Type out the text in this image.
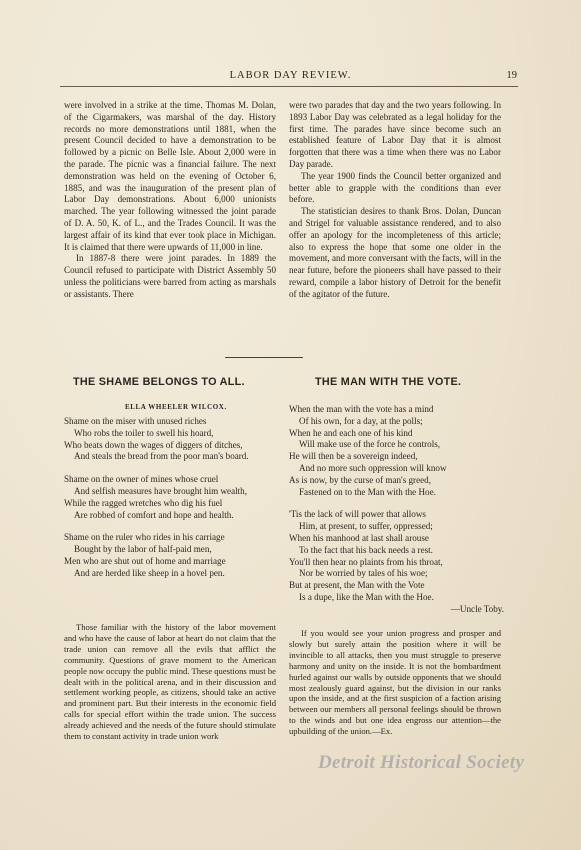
LABOR DAY REVIEW.	19

were involved in a strike at the time. Thomas M. Dolan, of the Cigarmakers, was marshal of the day. History records no more demonstrations until 1881, when the present Council decided to have a demonstration to be followed by a picnic on Belle Isle. About 2,000 were in the parade. The picnic was a financial failure. The next demonstration was held on the evening of October 6, 1885, and was the inauguration of the present plan of Labor Day demonstrations. About 6,000 unionists marched. The year following witnessed the joint parade of D. A. 50, K. of L., and the Trades Council. It was the largest affair of its kind that ever took place in Michigan. It is claimed that there were upwards of 11,000 in line.

In 1887-8 there were joint parades. In 1889 the Council refused to participate with District Assembly 50 unless the politicians were barred from acting as marshals or assistants. There

were two parades that day and the two years following. In 1893 Labor Day was celebrated as a legal holiday for the first time. The parades have since become such an established feature of Labor Day that it is almost forgotten that there was a time when there was no Labor Day parade.

The year 1900 finds the Council better organized and better able to grapple with the conditions than ever before.

The statistician desires to thank Bros. Dolan, Duncan and Strigel for valuable assistance rendered, and to also offer an apology for the incompleteness of this article; also to express the hope that some one older in the movement, and more conversant with the facts, will in the near future, before the pioneers shall have passed to their reward, compile a labor history of Detroit for the benefit of the agitator of the future.

THE SHAME BELONGS TO ALL.
ELLA WHEELER WILCOX.
Shame on the miser with unused riches
Who robs the toiler to swell his hoard,
Who beats down the wages of diggers of ditches,
And steals the bread from the poor man's board.
Shame on the owner of mines whose cruel
And selfish measures have brought him wealth,
While the ragged wretches who dig his fuel
Are robbed of comfort and hope and health.
Shame on the ruler who rides in his carriage
Bought by the labor of half-paid men,
Men who are shut out of home and marriage
And are herded like sheep in a hovel pen.
THE MAN WITH THE VOTE.
When the man with the vote has a mind
Of his own, for a day, at the polls;
When he and each one of his kind
Will make use of the force he controls,
He will then be a sovereign indeed,
And no more such oppression will know
As is now, by the curse of man's greed,
Fastened on to the Man with the Hoe.
'Tis the lack of will power that allows
Him, at present, to suffer, oppressed;
When his manhood at last shall arouse
To the fact that his back needs a rest.
You'll then hear no plaints from his throat,
Nor be worried by tales of his woe;
But at present, the Man with the Vote
Is a dupe, like the Man with the Hoe.
—Uncle Toby.

Those familiar with the history of the labor movement and who have the cause of labor at heart do not claim that the trade union can remove all the evils that afflict the community. Questions of grave moment to the American people now occupy the public mind. These questions must be dealt with in the political arena, and in their discussion and settlement working people, as citizens, should take an active and prominent part. But their interests in the economic field calls for special effort within the trade union. The success already achieved and the needs of the future should stimulate them to constant activity in trade union work

If you would see your union progress and prosper and slowly but surely attain the position where it will be invincible to all attacks, then you must struggle to preserve harmony and unity on the inside. It is not the bombardment hurled against our walls by outside opponents that we should most zealously guard against, but the division in our ranks upon the inside, and at the first suspicion of a faction arising between our members all personal feelings should be thrown to the winds and but one idea engross our attention—the upbuilding of the union.—Ex.

Detroit Historical Society
